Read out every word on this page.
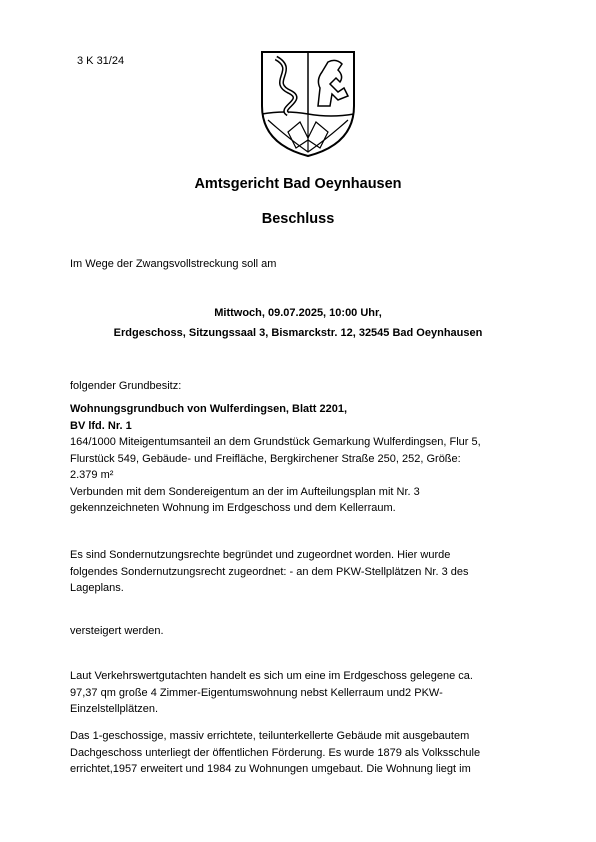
3 K 31/24
Amtsgericht Bad Oeynhausen
Beschluss
Im Wege der Zwangsvollstreckung soll am
Mittwoch, 09.07.2025, 10:00 Uhr,
Erdgeschoss, Sitzungssaal 3, Bismarckstr. 12, 32545 Bad Oeynhausen
folgender Grundbesitz:
Wohnungsgrundbuch von Wulferdingsen, Blatt 2201,
BV lfd. Nr. 1
164/1000 Miteigentumsanteil an dem Grundstück Gemarkung Wulferdingsen, Flur 5,
Flurstück 549, Gebäude- und Freifläche, Bergkirchener Straße 250, 252, Größe:
2.379 m²
Verbunden mit dem Sondereigentum an der im Aufteilungsplan mit Nr. 3
gekennzeichneten Wohnung im Erdgeschoss und dem Kellerraum.
Es sind Sondernutzungsrechte begründet und zugeordnet worden. Hier wurde
folgendes Sondernutzungsrecht zugeordnet: - an dem PKW-Stellplätzen Nr. 3 des
Lageplans.
versteigert werden.
Laut Verkehrswertgutachten handelt es sich um eine im Erdgeschoss gelegene ca.
97,37 qm große 4 Zimmer-Eigentumswohnung nebst Kellerraum und2 PKW-
Einzelstellplätzen.
Das 1-geschossige, massiv errichtete, teilunterkellerte Gebäude mit ausgebautem
Dachgeschoss unterliegt der öffentlichen Förderung. Es wurde 1879 als Volksschule
errichtet,1957 erweitert und 1984 zu Wohnungen umgebaut. Die Wohnung liegt im
